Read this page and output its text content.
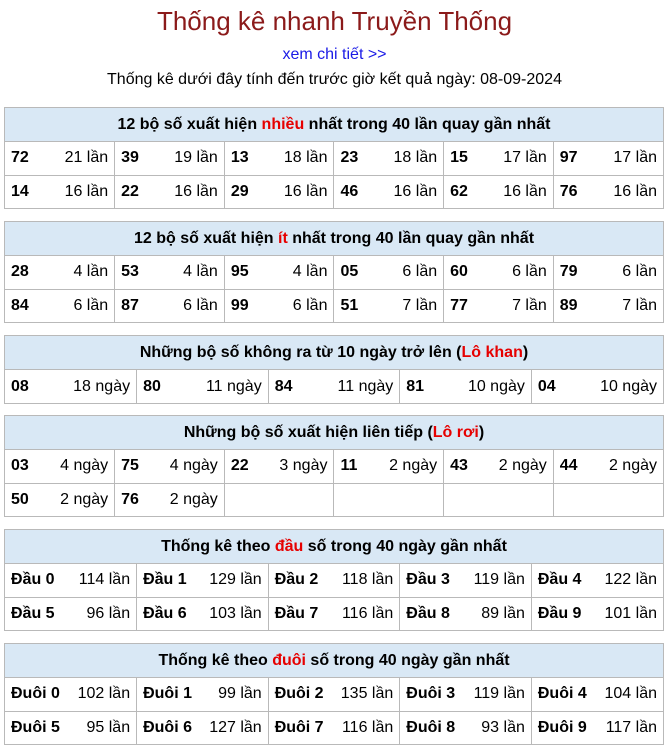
Thống kê nhanh Truyền Thống
xem chi tiết >>
Thống kê dưới đây tính đến trước giờ kết quả ngày: 08-09-2024
12 bộ số xuất hiện nhiều nhất trong 40 lần quay gần nhất
72 21 lần	39 19 lần	13 18 lần	23 18 lần	15 17 lần	97 17 lần

14 16 lần	22 16 lần	29 16 lần	46 16 lần	62 16 lần	76 16 lần
12 bộ số xuất hiện ít nhất trong 40 lần quay gần nhất
28 4 lần	53 4 lần	95 4 lần	05 6 lần	60 6 lần	79 6 lần

84 6 lần	87 6 lần	99 6 lần	51 7 lần	77 7 lần	89 7 lần
Những bộ số không ra từ 10 ngày trở lên (Lô khan)
08	18 ngày	80	11 ngày	84	11 ngày	81	10 ngày	04	10 ngày
Những bộ số xuất hiện liên tiếp (Lô rơi)
03 4 ngày	75 4 ngày	22 3 ngày	11 2 ngày	43 2 ngày	44 2 ngày

50 2 ngày	76 2 ngày				

Thống kê theo đầu số trong 40 ngày gần nhất
Đầu 0 114 lần	Đầu 1 129 lần	Đầu 2 118 lần	Đầu 3 119 lần	Đầu 4 122 lần

Đầu 5 96 lần	Đầu 6 103 lần	Đầu 7 116 lần	Đầu 8 89 lần	Đầu 9 101 lần
Thống kê theo đuôi số trong 40 ngày gần nhất
Đuôi 0 102 lần	Đuôi 1 99 lần	Đuôi 2 135 lần	Đuôi 3 119 lần	Đuôi 4 104 lần

Đuôi 5 95 lần	Đuôi 6 127 lần	Đuôi 7 116 lần	Đuôi 8 93 lần	Đuôi 9 117 lần
